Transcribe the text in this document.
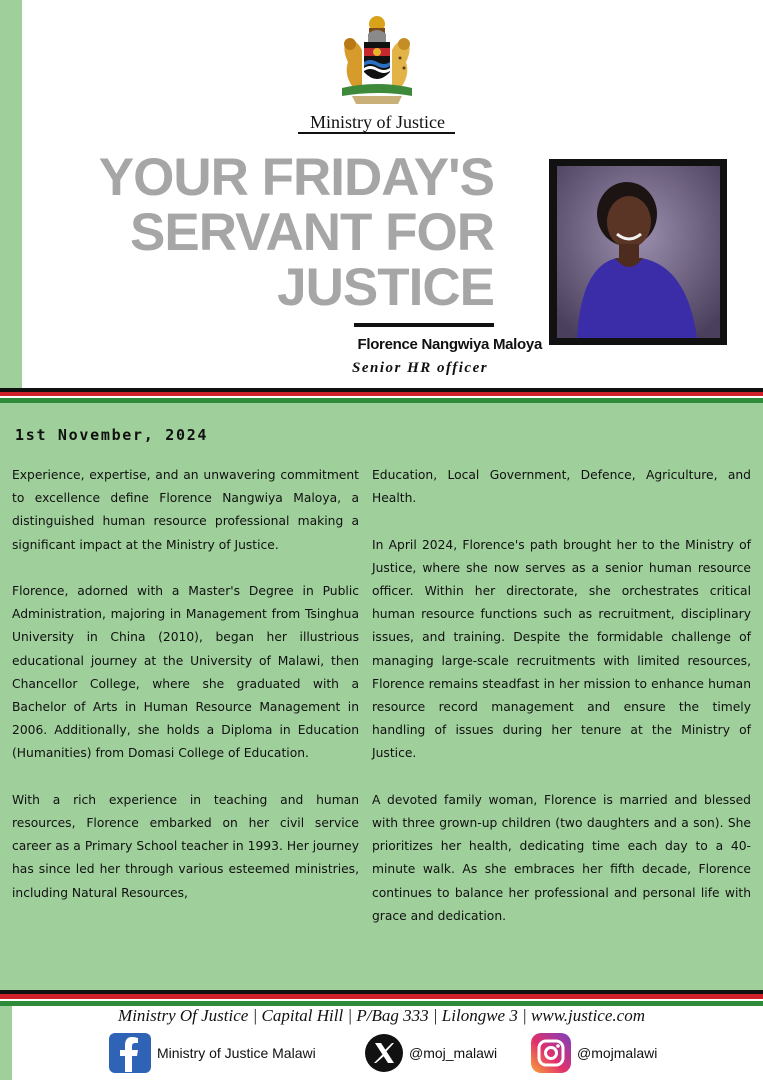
Ministry of Justice
YOUR FRIDAY'S
SERVANT FOR
JUSTICE
Florence Nangwiya Maloya
Senior HR officer
1st November, 2024

Experience, expertise, and an unwavering commitment to excellence define Florence Nangwiya Maloya, a distinguished human resource professional making a significant impact at the Ministry of Justice.

Florence, adorned with a Master's Degree in Public Administration, majoring in Management from Tsinghua University in China (2010), began her illustrious educational journey at the University of Malawi, then Chancellor College, where she graduated with a Bachelor of Arts in Human Resource Management in 2006. Additionally, she holds a Diploma in Education (Humanities) from Domasi College of Education.

With a rich experience in teaching and human resources, Florence embarked on her civil service career as a Primary School teacher in 1993. Her journey has since led her through various esteemed ministries, including Natural Resources,

Education, Local Government, Defence, Agriculture, and Health.

In April 2024, Florence's path brought her to the Ministry of Justice, where she now serves as a senior human resource officer. Within her directorate, she orchestrates critical human resource functions such as recruitment, disciplinary issues, and training. Despite the formidable challenge of managing large-scale recruitments with limited resources, Florence remains steadfast in her mission to enhance human resource record management and ensure the timely handling of issues during her tenure at the Ministry of Justice.

A devoted family woman, Florence is married and blessed with three grown-up children (two daughters and a son). She prioritizes her health, dedicating time each day to a 40-minute walk. As she embraces her fifth decade, Florence continues to balance her professional and personal life with grace and dedication.

Ministry Of Justice | Capital Hill | P/Bag 333 | Lilongwe 3 | www.justice.com
Ministry of Justice Malawi	@moj_malawi	@mojmalawi
